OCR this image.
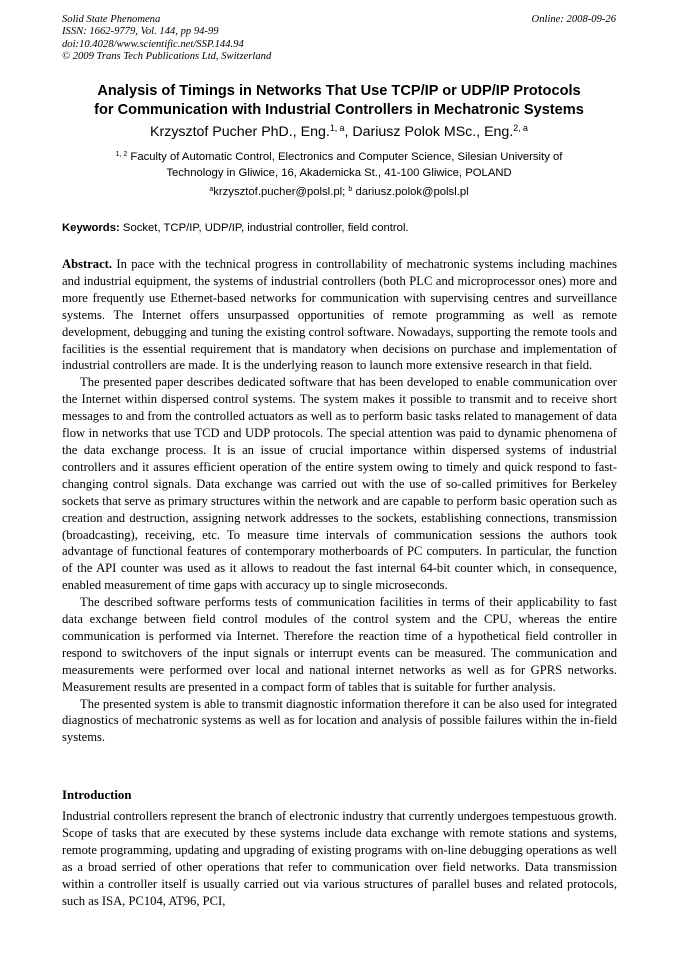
Solid State Phenomena
ISSN: 1662-9779, Vol. 144, pp 94-99
doi:10.4028/www.scientific.net/SSP.144.94
© 2009 Trans Tech Publications Ltd, Switzerland
Online: 2008-09-26
Analysis of Timings in Networks That Use TCP/IP or UDP/IP Protocols
for Communication with Industrial Controllers in Mechatronic Systems
Krzysztof Pucher PhD., Eng.$^{1, a}$, Dariusz Polok MSc., Eng.$^{2, a}$
$^{1, 2}$ Faculty of Automatic Control, Electronics and Computer Science, Silesian University of
Technology in Gliwice, 16, Akademicka St., 41-100 Gliwice, POLAND
$^a$krzysztof.pucher@polsl.pl; $^b$ dariusz.polok@polsl.pl
Keywords: Socket, TCP/IP, UDP/IP, industrial controller, field control.

Abstract. In pace with the technical progress in controllability of mechatronic systems including machines and industrial equipment, the systems of industrial controllers (both PLC and microprocessor ones) more and more frequently use Ethernet-based networks for communication with supervising centres and surveillance systems. The Internet offers unsurpassed opportunities of remote programming as well as remote development, debugging and tuning the existing control software. Nowadays, supporting the remote tools and facilities is the essential requirement that is mandatory when decisions on purchase and implementation of industrial controllers are made. It is the underlying reason to launch more extensive research in that field.

The presented paper describes dedicated software that has been developed to enable communication over the Internet within dispersed control systems. The system makes it possible to transmit and to receive short messages to and from the controlled actuators as well as to perform basic tasks related to management of data flow in networks that use TCD and UDP protocols. The special attention was paid to dynamic phenomena of the data exchange process. It is an issue of crucial importance within dispersed systems of industrial controllers and it assures efficient operation of the entire system owing to timely and quick respond to fast-changing control signals. Data exchange was carried out with the use of so-called primitives for Berkeley sockets that serve as primary structures within the network and are capable to perform basic operation such as creation and destruction, assigning network addresses to the sockets, establishing connections, transmission (broadcasting), receiving, etc. To measure time intervals of communication sessions the authors took advantage of functional features of contemporary motherboards of PC computers. In particular, the function of the API counter was used as it allows to readout the fast internal 64-bit counter which, in consequence, enabled measurement of time gaps with accuracy up to single microseconds.

The described software performs tests of communication facilities in terms of their applicability to fast data exchange between field control modules of the control system and the CPU, whereas the entire communication is performed via Internet. Therefore the reaction time of a hypothetical field controller in respond to switchovers of the input signals or interrupt events can be measured. The communication and measurements were performed over local and national internet networks as well as for GPRS networks. Measurement results are presented in a compact form of tables that is suitable for further analysis.

The presented system is able to transmit diagnostic information therefore it can be also used for integrated diagnostics of mechatronic systems as well as for location and analysis of possible failures within the in-field systems.

Introduction

Industrial controllers represent the branch of electronic industry that currently undergoes tempestuous growth. Scope of tasks that are executed by these systems include data exchange with remote stations and systems, remote programming, updating and upgrading of existing programs with on-line debugging operations as well as a broad serried of other operations that refer to communication over field networks. Data transmission within a controller itself is usually carried out via various structures of parallel buses and related protocols, such as ISA, PC104, AT96, PCI,
